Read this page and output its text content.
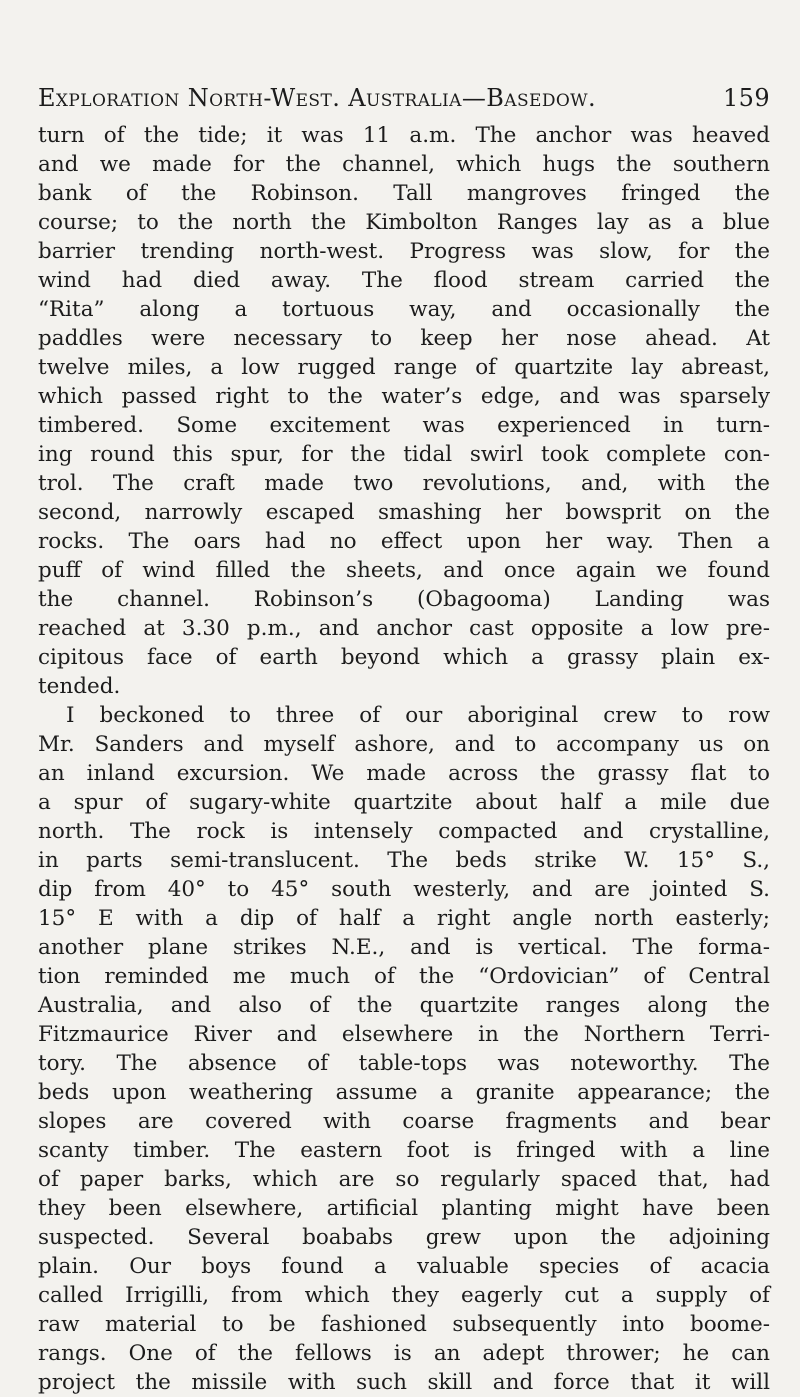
Exploration North-West. Australia—Basedow.	159
turn of the tide; it was 11 a.m. The anchor was heaved
and we made for the channel, which hugs the southern
bank of the Robinson. Tall mangroves fringed the
course; to the north the Kimbolton Ranges lay as a blue
barrier trending north-west. Progress was slow, for the
wind had died away. The flood stream carried the
“Rita” along a tortuous way, and occasionally the
paddles were necessary to keep her nose ahead. At
twelve miles, a low rugged range of quartzite lay abreast,
which passed right to the water’s edge, and was sparsely
timbered. Some excitement was experienced in turn-
ing round this spur, for the tidal swirl took complete con-
trol. The craft made two revolutions, and, with the
second, narrowly escaped smashing her bowsprit on the
rocks. The oars had no effect upon her way. Then a
puff of wind filled the sheets, and once again we found
the channel. Robinson’s (Obagooma) Landing was
reached at 3.30 p.m., and anchor cast opposite a low pre-
cipitous face of earth beyond which a grassy plain ex-
tended.
I beckoned to three of our aboriginal crew to row
Mr. Sanders and myself ashore, and to accompany us on
an inland excursion. We made across the grassy flat to
a spur of sugary-white quartzite about half a mile due
north. The rock is intensely compacted and crystalline,
in parts semi-translucent. The beds strike W. 15° S.,
dip from 40° to 45° south westerly, and are jointed S.
15° E with a dip of half a right angle north easterly;
another plane strikes N.E., and is vertical. The forma-
tion reminded me much of the “Ordovician” of Central
Australia, and also of the quartzite ranges along the
Fitzmaurice River and elsewhere in the Northern Terri-
tory. The absence of table-tops was noteworthy. The
beds upon weathering assume a granite appearance; the
slopes are covered with coarse fragments and bear
scanty timber. The eastern foot is fringed with a line
of paper barks, which are so regularly spaced that, had
they been elsewhere, artificial planting might have been
suspected. Several boababs grew upon the adjoining
plain. Our boys found a valuable species of acacia
called Irrigilli, from which they eagerly cut a supply of
raw material to be fashioned subsequently into boome-
rangs. One of the fellows is an adept thrower; he can
project the missile with such skill and force that it will
